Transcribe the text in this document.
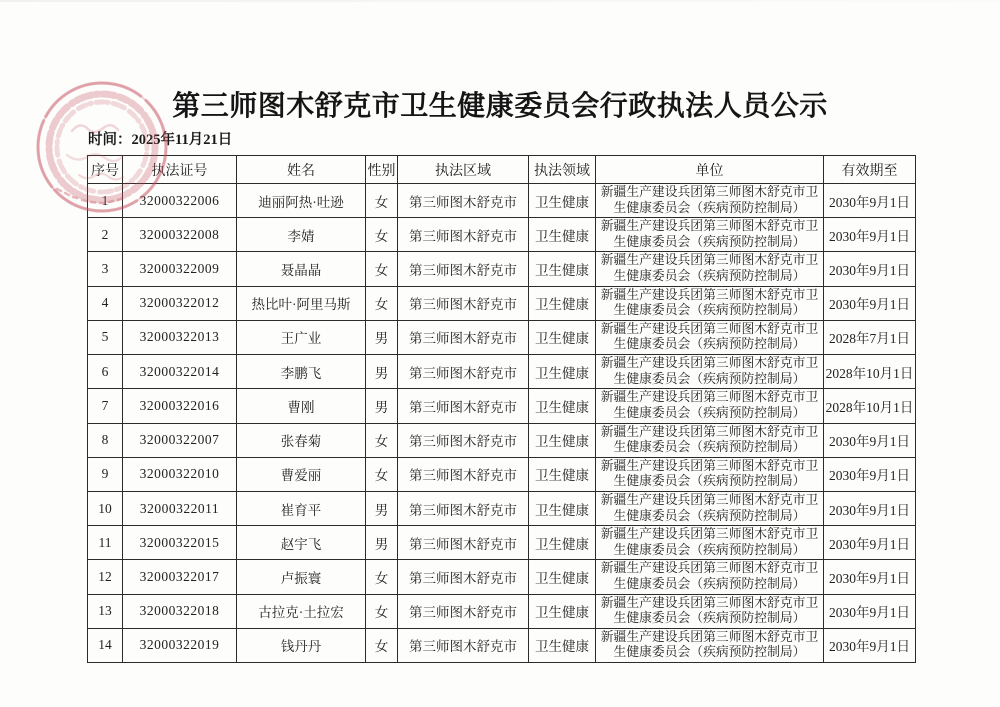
第三师图木舒克市卫生健康委员会行政执法人员公示
时间：2025年11月21日
序号	执法证号	姓名	性别	执法区域	执法领域	单位	有效期至
1	32000322006	迪丽阿热·吐逊	女	第三师图木舒克市	卫生健康	新疆生产建设兵团第三师图木舒克市卫生健康委员会（疾病预防控制局）	2030年9月1日
2	32000322008	李婧	女	第三师图木舒克市	卫生健康	新疆生产建设兵团第三师图木舒克市卫生健康委员会（疾病预防控制局）	2030年9月1日
3	32000322009	聂晶晶	女	第三师图木舒克市	卫生健康	新疆生产建设兵团第三师图木舒克市卫生健康委员会（疾病预防控制局）	2030年9月1日
4	32000322012	热比叶·阿里马斯	女	第三师图木舒克市	卫生健康	新疆生产建设兵团第三师图木舒克市卫生健康委员会（疾病预防控制局）	2030年9月1日
5	32000322013	王广业	男	第三师图木舒克市	卫生健康	新疆生产建设兵团第三师图木舒克市卫生健康委员会（疾病预防控制局）	2028年7月1日
6	32000322014	李鹏飞	男	第三师图木舒克市	卫生健康	新疆生产建设兵团第三师图木舒克市卫生健康委员会（疾病预防控制局）	2028年10月1日
7	32000322016	曹刚	男	第三师图木舒克市	卫生健康	新疆生产建设兵团第三师图木舒克市卫生健康委员会（疾病预防控制局）	2028年10月1日
8	32000322007	张春菊	女	第三师图木舒克市	卫生健康	新疆生产建设兵团第三师图木舒克市卫生健康委员会（疾病预防控制局）	2030年9月1日
9	32000322010	曹爱丽	女	第三师图木舒克市	卫生健康	新疆生产建设兵团第三师图木舒克市卫生健康委员会（疾病预防控制局）	2030年9月1日
10	32000322011	崔育平	男	第三师图木舒克市	卫生健康	新疆生产建设兵团第三师图木舒克市卫生健康委员会（疾病预防控制局）	2030年9月1日
11	32000322015	赵宇飞	男	第三师图木舒克市	卫生健康	新疆生产建设兵团第三师图木舒克市卫生健康委员会（疾病预防控制局）	2030年9月1日
12	32000322017	卢振寰	女	第三师图木舒克市	卫生健康	新疆生产建设兵团第三师图木舒克市卫生健康委员会（疾病预防控制局）	2030年9月1日
13	32000322018	古拉克·土拉宏	女	第三师图木舒克市	卫生健康	新疆生产建设兵团第三师图木舒克市卫生健康委员会（疾病预防控制局）	2030年9月1日
14	32000322019	钱丹丹	女	第三师图木舒克市	卫生健康	新疆生产建设兵团第三师图木舒克市卫生健康委员会（疾病预防控制局）	2030年9月1日
